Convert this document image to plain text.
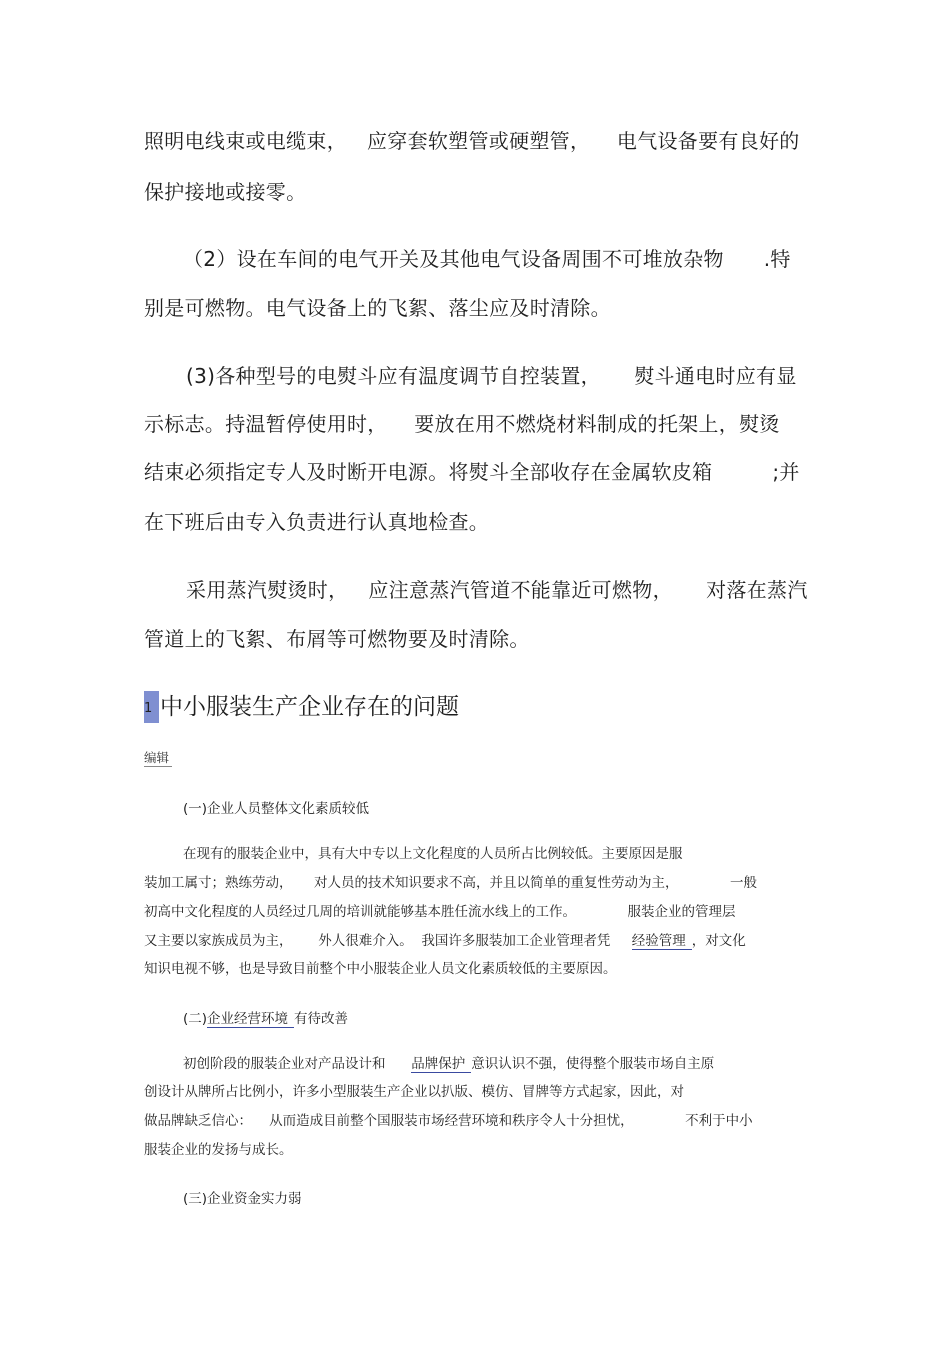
照明电线束或电缆束，   应穿套软塑管或硬塑管，    电气设备要有良好的
保护接地或接零。
（2）设在车间的电气开关及其他电气设备周围不可堆放杂物      .特
别是可燃物。电气设备上的飞絮、落尘应及时清除。
(3)各种型号的电熨斗应有温度调节自控装置，     熨斗通电时应有显
示标志。持温暂停使用时，    要放在用不燃烧材料制成的托架上，熨烫
结束必须指定专人及时断开电源。将熨斗全部收存在金属软皮箱         ;并
在下班后由专入负责进行认真地检查。
采用蒸汽熨烫时，   应注意蒸汽管道不能靠近可燃物，     对落在蒸汽
管道上的飞絮、布屑等可燃物要及时清除。
1 中小服装生产企业存在的问题
编辑
(一)企业人员整体文化素质较低
在现有的服装企业中，具有大中专以上文化程度的人员所占比例较低。主要原因是服
装加工属寸；熟练劳动，     对人员的技术知识要求不高，并且以简单的重复性劳动为主，            一般
初高中文化程度的人员经过几周的培训就能够基本胜任流水线上的工作。            服装企业的管理层
又主要以家族成员为主，      外人很难介入。  我国许多服装加工企业管理者凭     经验管理 ，对文化
知识电视不够，也是导致目前整个中小服装企业人员文化素质较低的主要原因。
(二)企业经营环境 有待改善
初创阶段的服装企业对产品设计和      品牌保护 意识认识不强，使得整个服装市场自主原
创设计从牌所占比例小，许多小型服装生产企业以扒版、模仿、冒牌等方式起家，因此，对
做品牌缺乏信心：    从而造成目前整个国服装市场经营环境和秩序令人十分担忧，            不利于中小
服装企业的发扬与成长。
(三)企业资金实力弱
